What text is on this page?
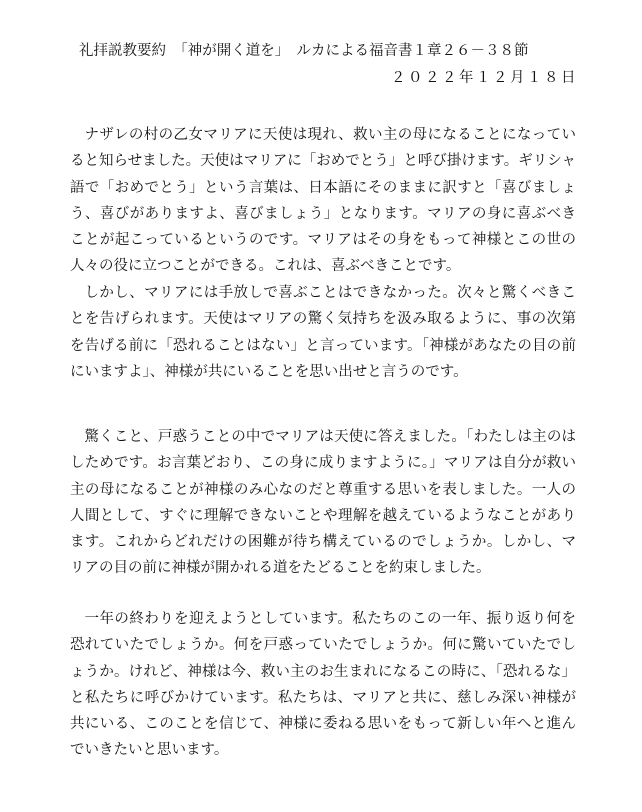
礼拝説教要約　「神が開く道を」　ルカによる福音書１章２６－３８節
２０２２年１２月１８日

ナザレの村の乙女マリアに天使は現れ、救い主の母になることになっていると知らせました。天使はマリアに「おめでとう」と呼び掛けます。ギリシャ語で「おめでとう」という言葉は、日本語にそのままに訳すと「喜びましょう、喜びがありますよ、喜びましょう」となります。マリアの身に喜ぶべきことが起こっているというのです。マリアはその身をもって神様とこの世の人々の役に立つことができる。これは、喜ぶべきことです。

しかし、マリアには手放しで喜ぶことはできなかった。次々と驚くべきことを告げられます。天使はマリアの驚く気持ちを汲み取るように、事の次第を告げる前に「恐れることはない」と言っています。「神様があなたの目の前にいますよ」、神様が共にいることを思い出せと言うのです。

驚くこと、戸惑うことの中でマリアは天使に答えました。「わたしは主のはしためです。お言葉どおり、この身に成りますように。」マリアは自分が救い主の母になることが神様のみ心なのだと尊重する思いを表しました。一人の人間として、すぐに理解できないことや理解を越えているようなことがあります。これからどれだけの困難が待ち構えているのでしょうか。しかし、マリアの目の前に神様が開かれる道をたどることを約束しました。

一年の終わりを迎えようとしています。私たちのこの一年、振り返り何を恐れていたでしょうか。何を戸惑っていたでしょうか。何に驚いていたでしょうか。けれど、神様は今、救い主のお生まれになるこの時に、「恐れるな」と私たちに呼びかけています。私たちは、マリアと共に、慈しみ深い神様が共にいる、このことを信じて、神様に委ねる思いをもって新しい年へと進んでいきたいと思います。
